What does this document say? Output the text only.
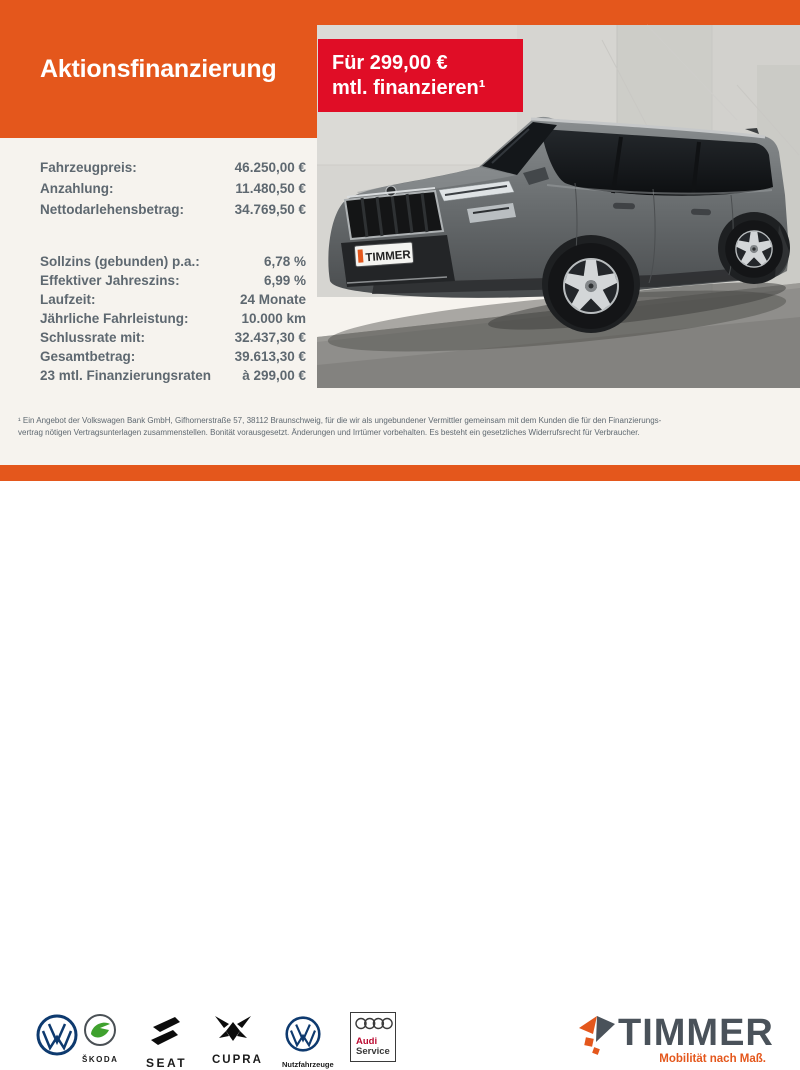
TIMMER
Aktionsfinanzierung	Für 299,00 €
mtl. finanzieren¹
Fahrzeugpreis:	46.250,00 €
Anzahlung:	11.480,50 €
Nettodarlehensbetrag:	34.769,50 €
Sollzins (gebunden) p.a.:	6,78 %
Effektiver Jahreszins:	6,99 %
Laufzeit:	24 Monate
Jährliche Fahrleistung:	10.000 km
Schlussrate mit:	32.437,30 €
Gesamtbetrag:	39.613,30 €
23 mtl. Finanzierungsraten à 299,00 €
¹ Ein Angebot der Volkswagen Bank GmbH, Gifhornerstraße 57, 38112 Braunschweig, für die wir als ungebundener Vermittler gemeinsam mit dem Kunden die für den Finanzierungs-
vertrag nötigen Vertragsunterlagen zusammenstellen. Bonität vorausgesetzt. Änderungen und Irrtümer vorbehalten. Es besteht ein gesetzliches Widerrufsrecht für Verbraucher.
ŠKODA SEAT CUPRA	Nutzfahrzeuge
Audi
Service	TIMMER
Mobilität nach Maß.
